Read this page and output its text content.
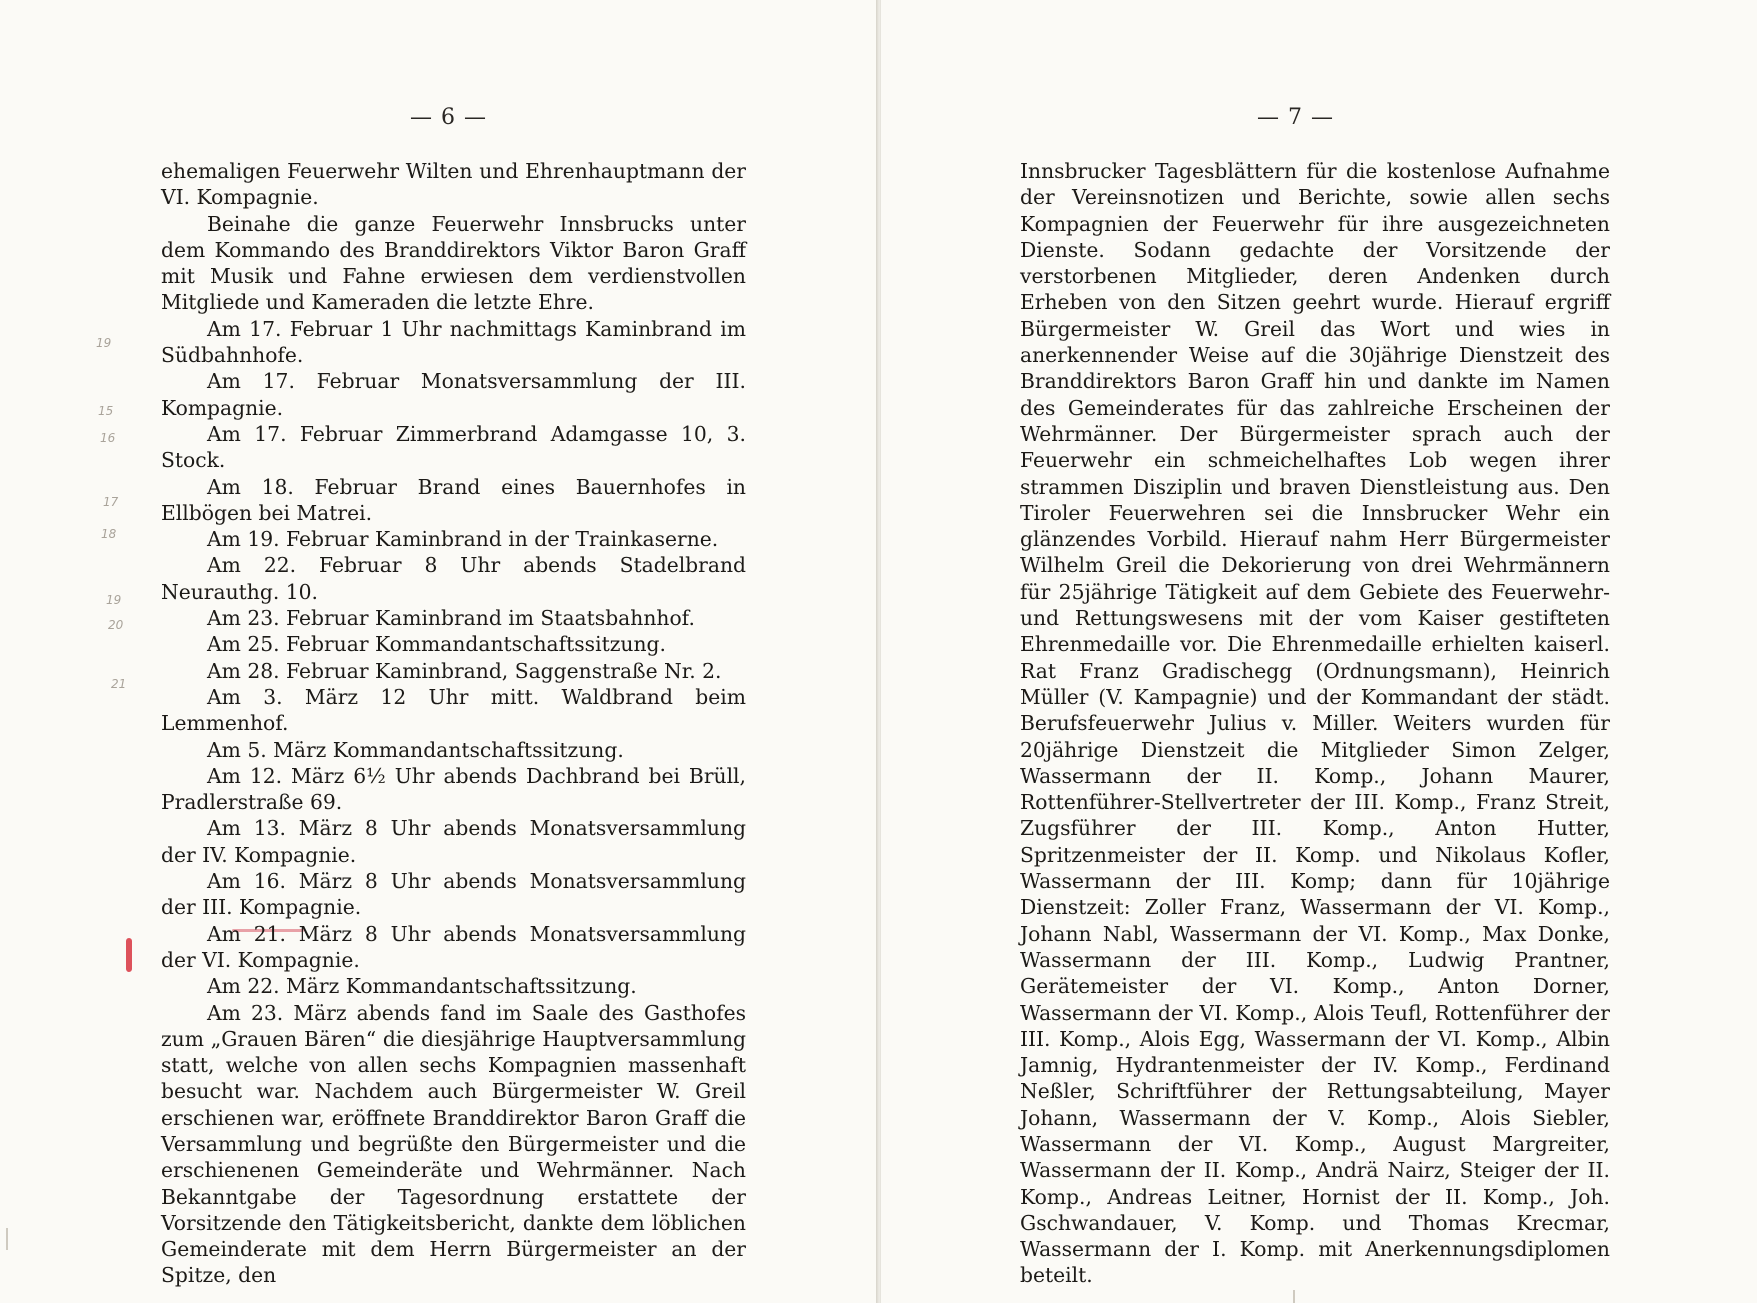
— 6 —
19
15
16
17
18
19
20
21

ehemaligen Feuerwehr Wilten und Ehrenhauptmann der VI. Kompagnie.

Beinahe die ganze Feuerwehr Innsbrucks unter dem Kommando des Branddirektors Viktor Baron Graff mit Musik und Fahne erwiesen dem verdienstvollen Mitgliede und Kameraden die letzte Ehre.

Am 17. Februar 1 Uhr nachmittags Kaminbrand im Südbahnhofe.

Am 17. Februar Monatsversammlung der III. Kompagnie.

Am 17. Februar Zimmerbrand Adamgasse 10, 3. Stock.

Am 18. Februar Brand eines Bauernhofes in Ellbögen bei Matrei.

Am 19. Februar Kaminbrand in der Trainkaserne.

Am 22. Februar 8 Uhr abends Stadelbrand Neurauthg. 10.

Am 23. Februar Kaminbrand im Staatsbahnhof.

Am 25. Februar Kommandantschaftssitzung.

Am 28. Februar Kaminbrand, Saggenstraße Nr. 2.

Am 3. März 12 Uhr mitt. Waldbrand beim Lemmenhof.

Am 5. März Kommandantschaftssitzung.

Am 12. März 6½ Uhr abends Dachbrand bei Brüll, Pradlerstraße 69.

Am 13. März 8 Uhr abends Monatsversammlung der IV. Kompagnie.

Am 16. März 8 Uhr abends Monatsversammlung der III. Kompagnie.

Am 21. März 8 Uhr abends Monatsversammlung der VI. Kompagnie.

Am 22. März Kommandantschaftssitzung.

Am 23. März abends fand im Saale des Gasthofes zum „Grauen Bären“ die diesjährige Hauptversammlung statt, welche von allen sechs Kompagnien massenhaft besucht war. Nachdem auch Bürgermeister W. Greil erschienen war, eröffnete Branddirektor Baron Graff die Versammlung und begrüßte den Bürgermeister und die erschienenen Gemeinderäte und Wehrmänner. Nach Bekanntgabe der Tagesordnung erstattete der Vorsitzende den Tätigkeitsbericht, dankte dem löblichen Gemeinderate mit dem Herrn Bürgermeister an der Spitze, den

— 7 —

Innsbrucker Tagesblättern für die kostenlose Aufnahme der Vereinsnotizen und Berichte, sowie allen sechs Kompagnien der Feuerwehr für ihre ausgezeichneten Dienste. Sodann gedachte der Vorsitzende der verstorbenen Mitglieder, deren Andenken durch Erheben von den Sitzen geehrt wurde. Hierauf ergriff Bürgermeister W. Greil das Wort und wies in anerkennender Weise auf die 30jährige Dienstzeit des Branddirektors Baron Graff hin und dankte im Namen des Gemeinderates für das zahlreiche Erscheinen der Wehrmänner. Der Bürgermeister sprach auch der Feuerwehr ein schmeichelhaftes Lob wegen ihrer strammen Disziplin und braven Dienstleistung aus. Den Tiroler Feuerwehren sei die Innsbrucker Wehr ein glänzendes Vorbild. Hierauf nahm Herr Bürgermeister Wilhelm Greil die Dekorierung von drei Wehrmännern für 25jährige Tätigkeit auf dem Gebiete des Feuerwehr- und Rettungswesens mit der vom Kaiser gestifteten Ehrenmedaille vor. Die Ehrenmedaille erhielten kaiserl. Rat Franz Gradischegg (Ordnungsmann), Heinrich Müller (V. Kampagnie) und der Kommandant der städt. Berufsfeuerwehr Julius v. Miller. Weiters wurden für 20jährige Dienstzeit die Mitglieder Simon Zelger, Wassermann der II. Komp., Johann Maurer, Rottenführer-Stellvertreter der III. Komp., Franz Streit, Zugsführer der III. Komp., Anton Hutter, Spritzenmeister der II. Komp. und Nikolaus Kofler, Wassermann der III. Komp; dann für 10jährige Dienstzeit: Zoller Franz, Wassermann der VI. Komp., Johann Nabl, Wassermann der VI. Komp., Max Donke, Wassermann der III. Komp., Ludwig Prantner, Gerätemeister der VI. Komp., Anton Dorner, Wassermann der VI. Komp., Alois Teufl, Rottenführer der III. Komp., Alois Egg, Wassermann der VI. Komp., Albin Jamnig, Hydrantenmeister der IV. Komp., Ferdinand Neßler, Schriftführer der Rettungsabteilung, Mayer Johann, Wassermann der V. Komp., Alois Siebler, Wassermann der VI. Komp., August Margreiter, Wassermann der II. Komp., Andrä Nairz, Steiger der II. Komp., Andreas Leitner, Hornist der II. Komp., Joh. Gschwandauer, V. Komp. und Thomas Krecmar, Wassermann der I. Komp. mit Anerkennungsdiplomen beteilt.
